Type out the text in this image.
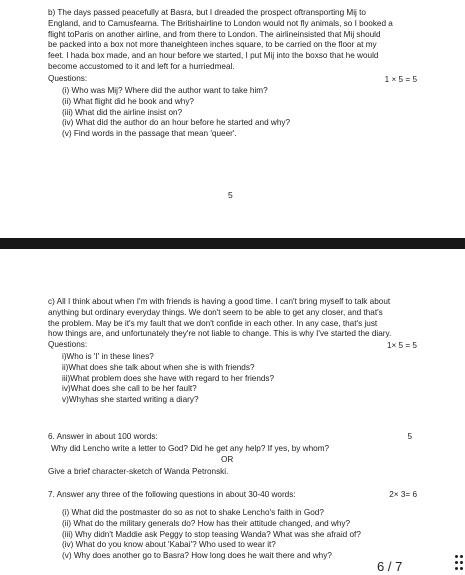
b) The days passed peacefully at Basra, but I dreaded the prospect oftransporting Mij to
England, and to Camusfearna. The Britishairline to London would not fly animals, so I booked a
flight toParis on another airline, and from there to London. The airlineinsisted that Mij should
be packed into a box not more thaneighteen inches square, to be carried on the floor at my
feet. I hada box made, and an hour before we started, I put Mij into the boxso that he would
become accustomed to it and left for a hurriedmeal.
Questions:	1 × 5 = 5
(i) Who was Mij? Where did the author want to take him?
(ii) What flight did he book and why?
(iii) What did the airline insist on?
(iv) What did the author do an hour before he started and why?
(v) Find words in the passage that mean 'queer'.
5
c) All I think about when I'm with friends is having a good time. I can't bring myself to talk about
anything but ordinary everyday things. We don't seem to be able to get any closer, and that's
the problem. May be it's my fault that we don't confide in each other. In any case, that's just
how things are, and unfortunately they're not liable to change. This is why I've started the diary.
Questions:	1× 5 = 5
i)Who is 'I' in these lines?
ii)What does she talk about when she is with friends?
iii)What problem does she have with regard to her friends?
iv)What does she call to be her fault?
v)Whyhas she started writing a diary?
6. Answer in about 100 words:	5
Why did Lencho write a letter to God? Did he get any help? If yes, by whom?
OR
Give a brief character-sketch of Wanda Petronski.
7. Answer any three of the following questions in about 30-40 words:	2× 3= 6
(i) What did the postmaster do so as not to shake Lencho's faith in God?
(ii) What do the military generals do? How has their attitude changed, and why?
(iii) Why didn't Maddie ask Peggy to stop teasing Wanda? What was she afraid of?
(iv) What do you know about 'Kabai'? Who used to wear it?
(v) Why does another go to Basra? How long does he wait there and why?
6 / 7
